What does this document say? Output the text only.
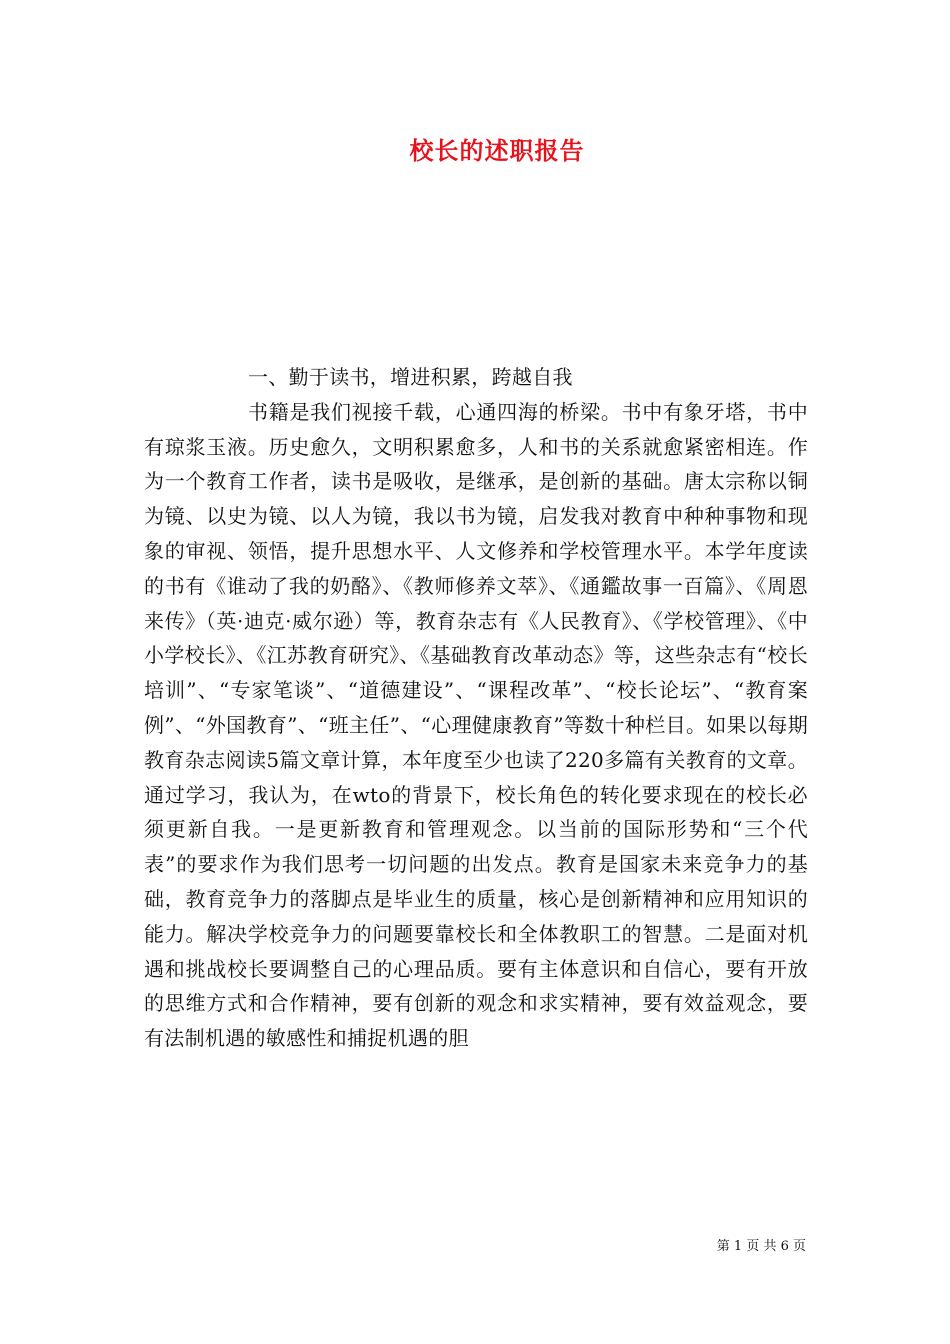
校长的述职报告

一、勤于读书，增进积累，跨越自我

书籍是我们视接千载，心通四海的桥梁。书中有象牙塔，书中有琼浆玉液。历史愈久，文明积累愈多，人和书的关系就愈紧密相连。作为一个教育工作者，读书是吸收，是继承，是创新的基础。唐太宗称以铜为镜、以史为镜、以人为镜，我以书为镜，启发我对教育中种种事物和现象的审视、领悟，提升思想水平、人文修养和学校管理水平。本学年度读的书有《谁动了我的奶酪》、《教师修养文萃》、《通鑑故事一百篇》、《周恩来传》（英·迪克·威尔逊）等，教育杂志有《人民教育》、《学校管理》、《中小学校长》、《江苏教育研究》、《基础教育改革动态》等，这些杂志有“校长培训”、“专家笔谈”、“道德建设”、“课程改革”、“校长论坛”、“教育案例”、“外国教育”、“班主任”、“心理健康教育”等数十种栏目。如果以每期教育杂志阅读5篇文章计算，本年度至少也读了220多篇有关教育的文章。通过学习，我认为，在wto的背景下，校长角色的转化要求现在的校长必须更新自我。一是更新教育和管理观念。以当前的国际形势和“三个代表”的要求作为我们思考一切问题的出发点。教育是国家未来竞争力的基础，教育竞争力的落脚点是毕业生的质量，核心是创新精神和应用知识的能力。解决学校竞争力的问题要靠校长和全体教职工的智慧。二是面对机遇和挑战校长要调整自己的心理品质。要有主体意识和自信心，要有开放的思维方式和合作精神，要有创新的观念和求实精神，要有效益观念，要有法制机遇的敏感性和捕捉机遇的胆

第 1 页 共 6 页
